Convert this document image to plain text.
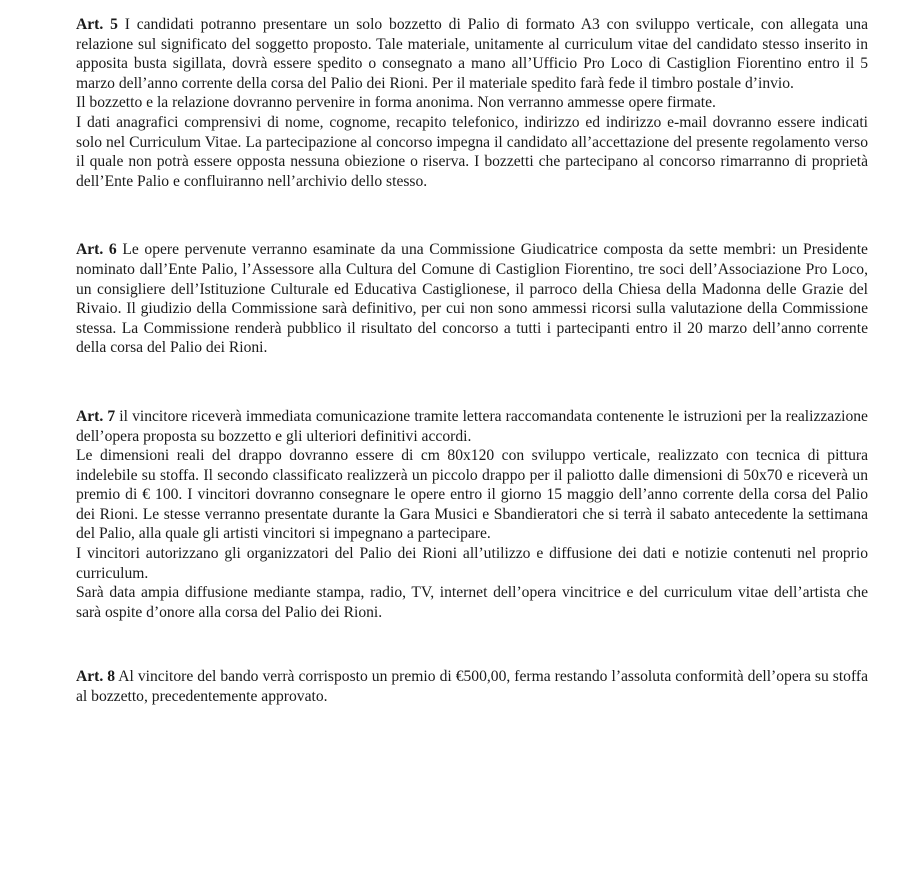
Art. 5 I candidati potranno presentare un solo bozzetto di Palio di formato A3 con sviluppo verticale, con allegata una relazione sul significato del soggetto proposto. Tale materiale, unitamente al curriculum vitae del candidato stesso inserito in apposita busta sigillata, dovrà essere spedito o consegnato a mano all’Ufficio Pro Loco di Castiglion Fiorentino entro il 5 marzo dell’anno corrente della corsa del Palio dei Rioni. Per il materiale spedito farà fede il timbro postale d’invio.

Il bozzetto e la relazione dovranno pervenire in forma anonima. Non verranno ammesse opere firmate.

I dati anagrafici comprensivi di nome, cognome, recapito telefonico, indirizzo ed indirizzo e-mail dovranno essere indicati solo nel Curriculum Vitae. La partecipazione al concorso impegna il candidato all’accettazione del presente regolamento verso il quale non potrà essere opposta nessuna obiezione o riserva. I bozzetti che partecipano al concorso rimarranno di proprietà dell’Ente Palio e confluiranno nell’archivio dello stesso.

Art. 6 Le opere pervenute verranno esaminate da una Commissione Giudicatrice composta da sette membri: un Presidente nominato dall’Ente Palio, l’Assessore alla Cultura del Comune di Castiglion Fiorentino, tre soci dell’Associazione Pro Loco, un consigliere dell’Istituzione Culturale ed Educativa Castiglionese, il parroco della Chiesa della Madonna delle Grazie del Rivaio. Il giudizio della Commissione sarà definitivo, per cui non sono ammessi ricorsi sulla valutazione della Commissione stessa. La Commissione renderà pubblico il risultato del concorso a tutti i partecipanti entro il 20 marzo dell’anno corrente della corsa del Palio dei Rioni.

Art. 7 il vincitore riceverà immediata comunicazione tramite lettera raccomandata contenente le istruzioni per la realizzazione dell’opera proposta su bozzetto e gli ulteriori definitivi accordi.

Le dimensioni reali del drappo dovranno essere di cm 80x120 con sviluppo verticale, realizzato con tecnica di pittura indelebile su stoffa. Il secondo classificato realizzerà un piccolo drappo per il paliotto dalle dimensioni di 50x70 e riceverà un premio di € 100. I vincitori dovranno consegnare le opere entro il giorno 15 maggio dell’anno corrente della corsa del Palio dei Rioni. Le stesse verranno presentate durante la Gara Musici e Sbandieratori che si terrà il sabato antecedente la settimana del Palio, alla quale gli artisti vincitori si impegnano a partecipare.

I vincitori autorizzano gli organizzatori del Palio dei Rioni all’utilizzo e diffusione dei dati e notizie contenuti nel proprio curriculum.

Sarà data ampia diffusione mediante stampa, radio, TV, internet dell’opera vincitrice e del curriculum vitae dell’artista che sarà ospite d’onore alla corsa del Palio dei Rioni.

Art. 8 Al vincitore del bando verrà corrisposto un premio di €500,00, ferma restando l’assoluta conformità dell’opera su stoffa al bozzetto, precedentemente approvato.
